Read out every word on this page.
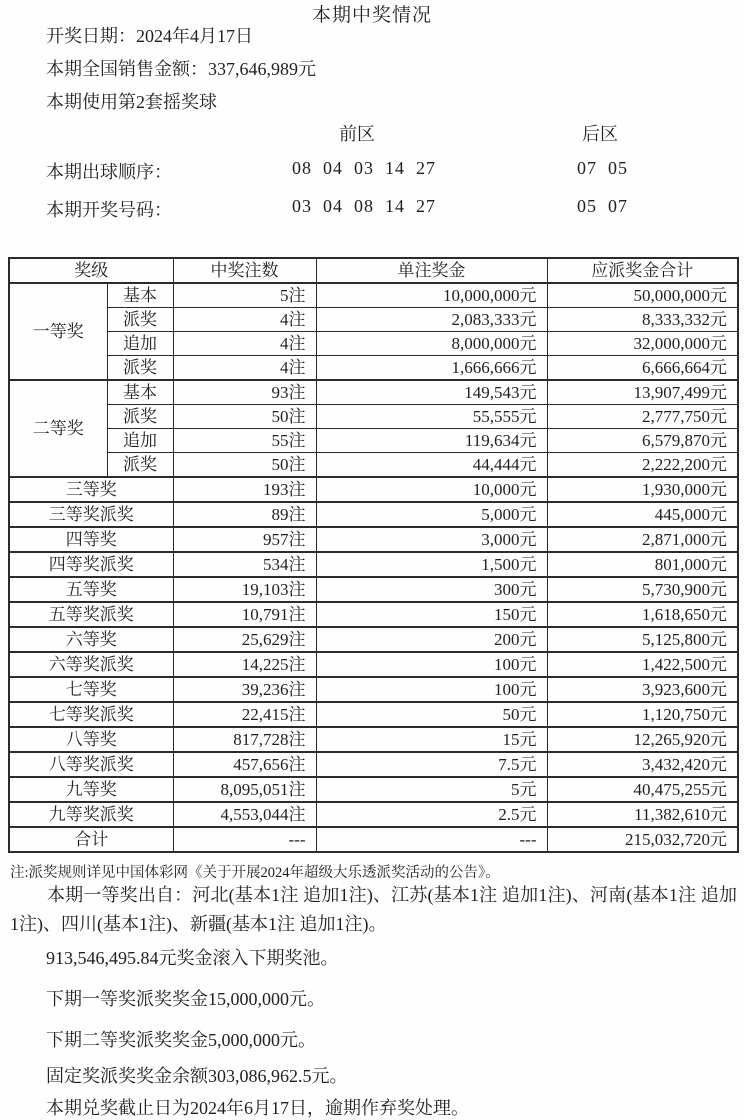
开奖日期：2024年4月17日
本期全国销售金额：337,646,989元
本期使用第2套摇奖球
前区	后区
本期出球顺序：	08  04  03  14  27	07  05
本期开奖号码：	03  04  08  14  27	05  07
本期中奖情况
奖级		中奖注数	单注奖金	应派奖金合计
一等奖	基本	5注	10,000,000元	50,000,000元
	派奖	4注	2,083,333元	8,333,332元
	追加	4注	8,000,000元	32,000,000元
	派奖	4注	1,666,666元	6,666,664元
二等奖	基本	93注	149,543元	13,907,499元
	派奖	50注	55,555元	2,777,750元
	追加	55注	119,634元	6,579,870元
	派奖	50注	44,444元	2,222,200元
三等奖		193注	10,000元	1,930,000元
三等奖派奖		89注	5,000元	445,000元
四等奖		957注	3,000元	2,871,000元
四等奖派奖		534注	1,500元	801,000元
五等奖		19,103注	300元	5,730,900元
五等奖派奖		10,791注	150元	1,618,650元
六等奖		25,629注	200元	5,125,800元
六等奖派奖		14,225注	100元	1,422,500元
七等奖		39,236注	100元	3,923,600元
七等奖派奖		22,415注	50元	1,120,750元
八等奖		817,728注	15元	12,265,920元
八等奖派奖		457,656注	7.5元	3,432,420元
九等奖		8,095,051注	5元	40,475,255元
九等奖派奖		4,553,044注	2.5元	11,382,610元
合计		---	---	215,032,720元
注:派奖规则详见中国体彩网《关于开展2024年超级大乐透派奖活动的公告》。
本期一等奖出自：河北(基本1注 追加1注)、江苏(基本1注 追加1注)、河南(基本1注 追加1注)、四川(基本1注)、新疆(基本1注 追加1注)。
913,546,495.84元奖金滚入下期奖池。
下期一等奖派奖奖金15,000,000元。
下期二等奖派奖奖金5,000,000元。
固定奖派奖奖金余额303,086,962.5元。
本期兑奖截止日为2024年6月17日，逾期作弃奖处理。
